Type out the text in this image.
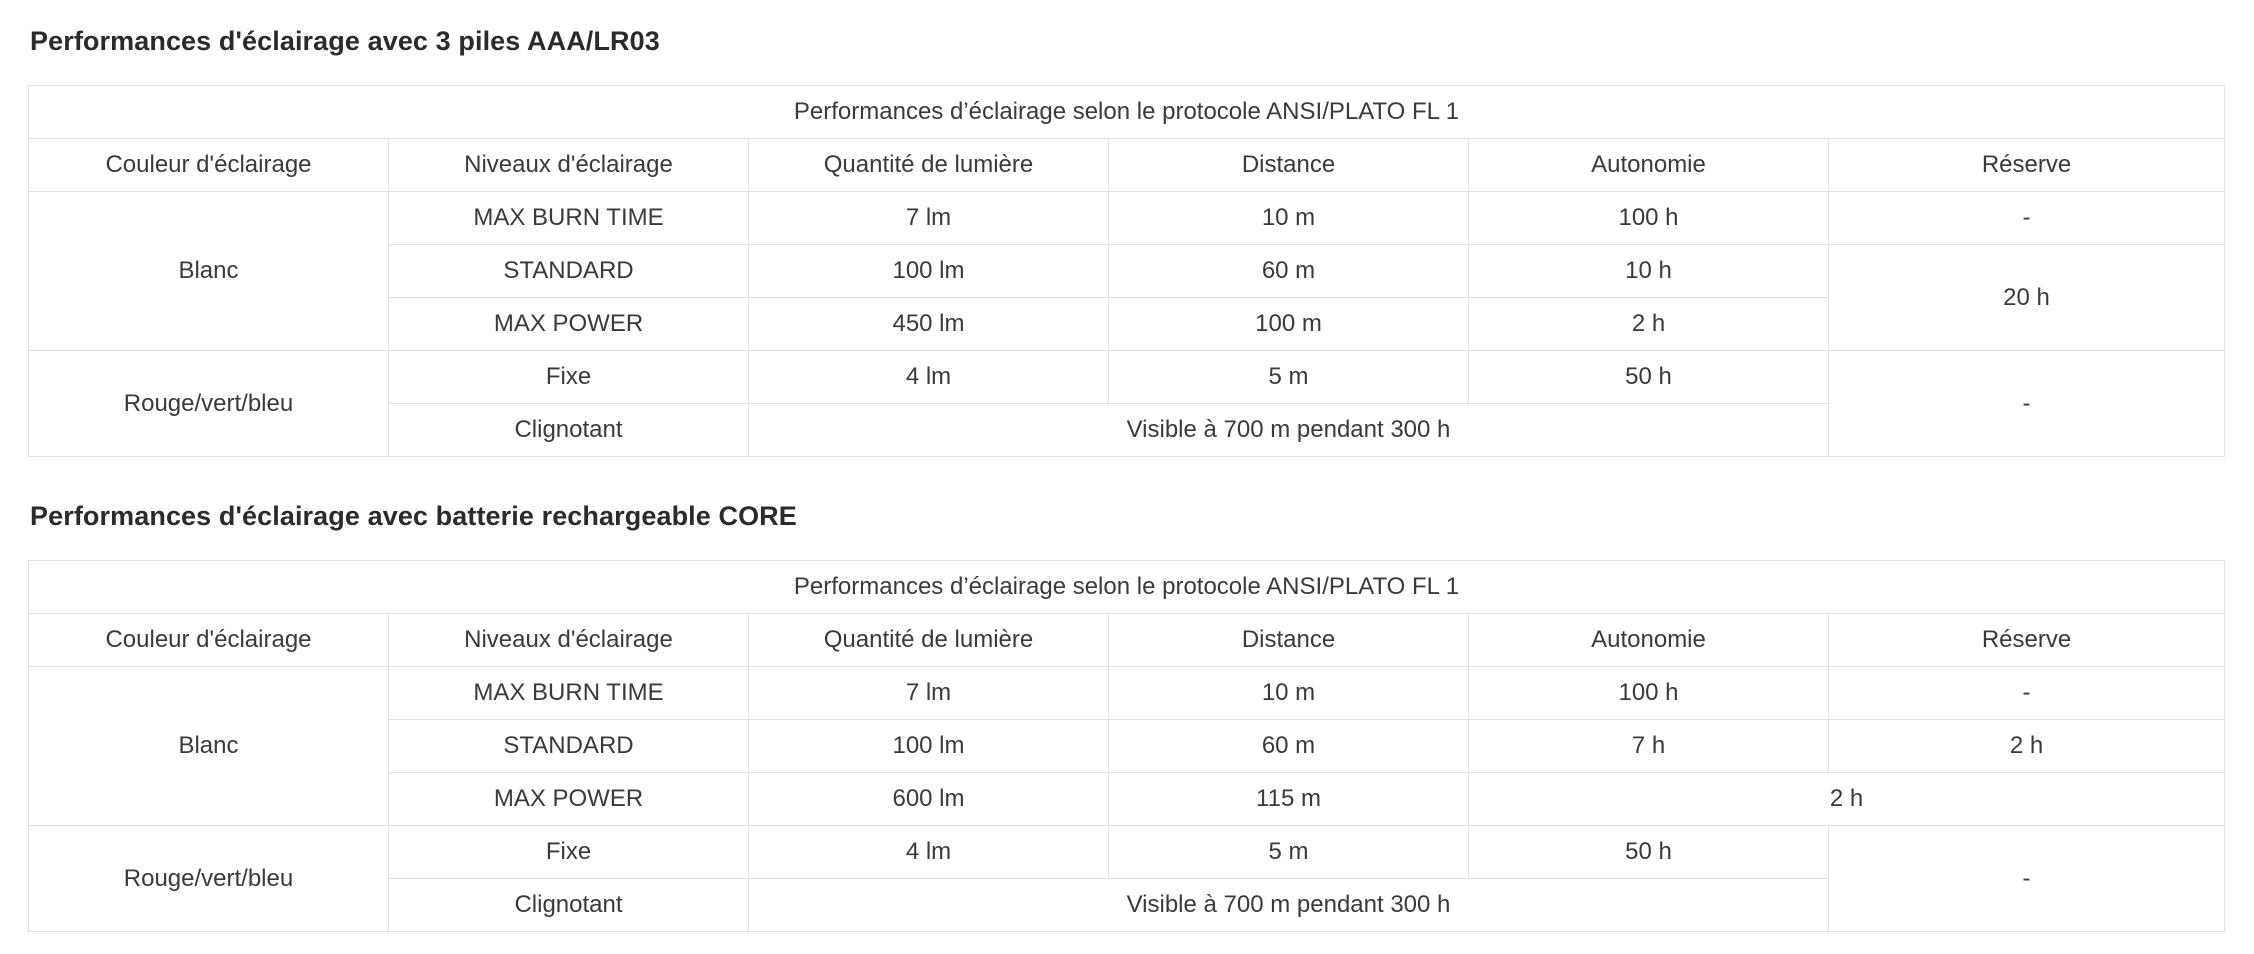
Performances d'éclairage avec 3 piles AAA/LR03
Performances d’éclairage selon le protocole ANSI/PLATO FL 1					
Couleur d'éclairage	Niveaux d'éclairage	Quantité de lumière	Distance	Autonomie	Réserve
Blanc	MAX BURN TIME	7 lm	10 m	100 h	-
	STANDARD	100 lm	60 m	10 h	20 h
	MAX POWER	450 lm	100 m	2 h	
Rouge/vert/bleu	Fixe	4 lm	5 m	50 h	-
	Clignotant	Visible à 700 m pendant 300 h			
Performances d'éclairage avec batterie rechargeable CORE
Performances d’éclairage selon le protocole ANSI/PLATO FL 1					
Couleur d'éclairage	Niveaux d'éclairage	Quantité de lumière	Distance	Autonomie	Réserve
Blanc	MAX BURN TIME	7 lm	10 m	100 h	-
	STANDARD	100 lm	60 m	7 h	2 h
	MAX POWER	600 lm	115 m	2 h	
Rouge/vert/bleu	Fixe	4 lm	5 m	50 h	-
	Clignotant	Visible à 700 m pendant 300 h			
